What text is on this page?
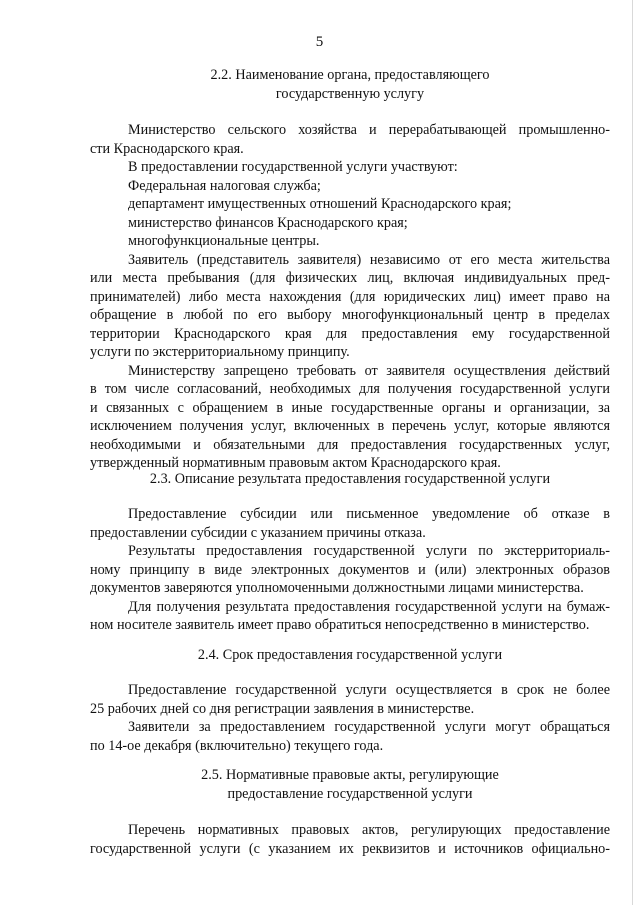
5
2.2. Наименование органа, предоставляющего
государственную услугу
Министерство сельского хозяйства и перерабатывающей промышленно-
сти Краснодарского края.
В предоставлении государственной услуги участвуют:
Федеральная налоговая служба;
департамент имущественных отношений Краснодарского края;
министерство финансов Краснодарского края;
многофункциональные центры.
Заявитель (представитель заявителя) независимо от его места жительства
или места пребывания (для физических лиц, включая индивидуальных пред-
принимателей) либо места нахождения (для юридических лиц) имеет право на
обращение в любой по его выбору многофункциональный центр в пределах
территории Краснодарского края для предоставления ему государственной
услуги по экстерриториальному принципу.
Министерству запрещено требовать от заявителя осуществления действий
в том числе согласований, необходимых для получения государственной услуги
и связанных с обращением в иные государственные органы и организации, за
исключением получения услуг, включенных в перечень услуг, которые являются
необходимыми и обязательными для предоставления государственных услуг,
утвержденный нормативным правовым актом Краснодарского края.
2.3. Описание результата предоставления государственной услуги
Предоставление субсидии или письменное уведомление об отказе в
предоставлении субсидии с указанием причины отказа.
Результаты предоставления государственной услуги по экстерриториаль-
ному принципу в виде электронных документов и (или) электронных образов
документов заверяются уполномоченными должностными лицами министерства.
Для получения результата предоставления государственной услуги на бумаж-
ном носителе заявитель имеет право обратиться непосредственно в министерство.
2.4. Срок предоставления государственной услуги
Предоставление государственной услуги осуществляется в срок не более
25 рабочих дней со дня регистрации заявления в министерстве.
Заявители за предоставлением государственной услуги могут обращаться
по 14-ое декабря (включительно) текущего года.
2.5. Нормативные правовые акты, регулирующие
предоставление государственной услуги
Перечень нормативных правовых актов, регулирующих предоставление
государственной услуги (с указанием их реквизитов и источников официально-
